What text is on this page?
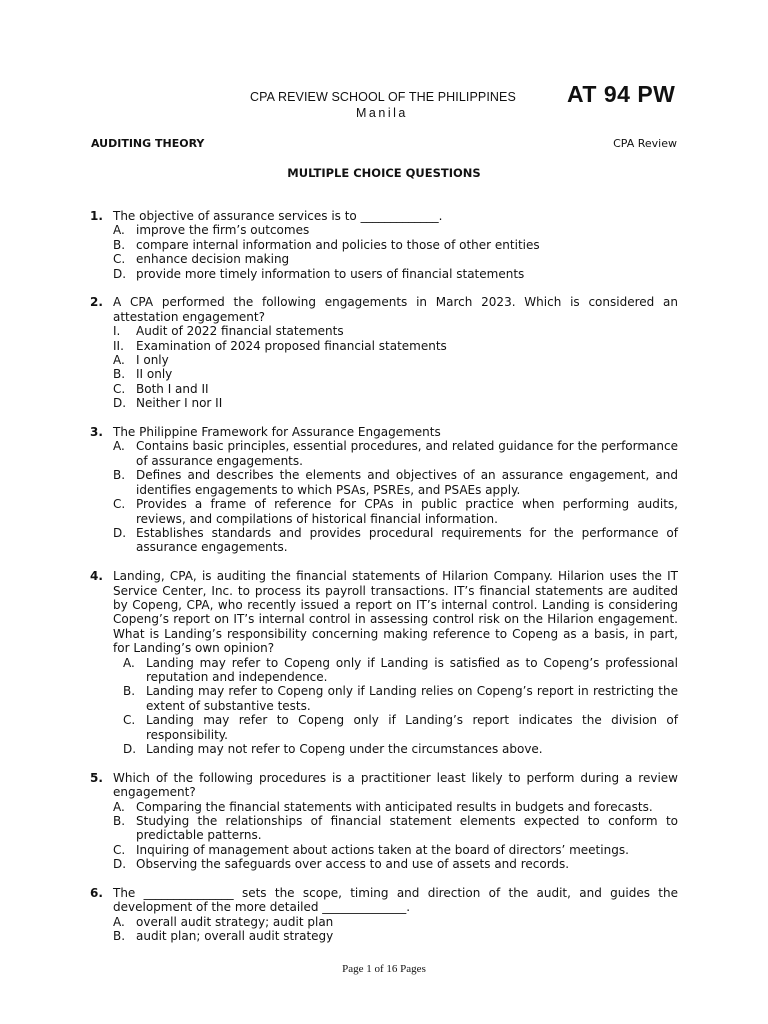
CPA REVIEW SCHOOL OF THE PHILIPPINES
Manila
AT 94 PW
AUDITING THEORY	CPA Review
MULTIPLE CHOICE QUESTIONS
1. The objective of assurance services is to _____________.
A. improve the firm’s outcomes
B. compare internal information and policies to those of other entities
C. enhance decision making
D. provide more timely information to users of financial statements
2. A CPA performed the following engagements in March 2023. Which is considered an attestation engagement?
I. Audit of 2022 financial statements
II. Examination of 2024 proposed financial statements
A. I only
B. II only
C. Both I and II
D. Neither I nor II
3. The Philippine Framework for Assurance Engagements
A. Contains basic principles, essential procedures, and related guidance for the performance of assurance engagements.
B. Defines and describes the elements and objectives of an assurance engagement, and identifies engagements to which PSAs, PSREs, and PSAEs apply.
C. Provides a frame of reference for CPAs in public practice when performing audits, reviews, and compilations of historical financial information.
D. Establishes standards and provides procedural requirements for the performance of assurance engagements.
4. Landing, CPA, is auditing the financial statements of Hilarion Company. Hilarion uses the IT Service Center, Inc. to process its payroll transactions. IT’s financial statements are audited by Copeng, CPA, who recently issued a report on IT’s internal control. Landing is considering Copeng’s report on IT’s internal control in assessing control risk on the Hilarion engagement. What is Landing’s responsibility concerning making reference to Copeng as a basis, in part, for Landing’s own opinion?
A. Landing may refer to Copeng only if Landing is satisfied as to Copeng’s professional reputation and independence.
B. Landing may refer to Copeng only if Landing relies on Copeng’s report in restricting the extent of substantive tests.
C. Landing may refer to Copeng only if Landing’s report indicates the division of responsibility.
D. Landing may not refer to Copeng under the circumstances above.
5. Which of the following procedures is a practitioner least likely to perform during a review engagement?
A. Comparing the financial statements with anticipated results in budgets and forecasts.
B. Studying the relationships of financial statement elements expected to conform to predictable patterns.
C. Inquiring of management about actions taken at the board of directors’ meetings.
D. Observing the safeguards over access to and use of assets and records.
6. The _______________ sets the scope, timing and direction of the audit, and guides the development of the more detailed ______________.
A. overall audit strategy; audit plan
B. audit plan; overall audit strategy
Page 1 of 16 Pages
